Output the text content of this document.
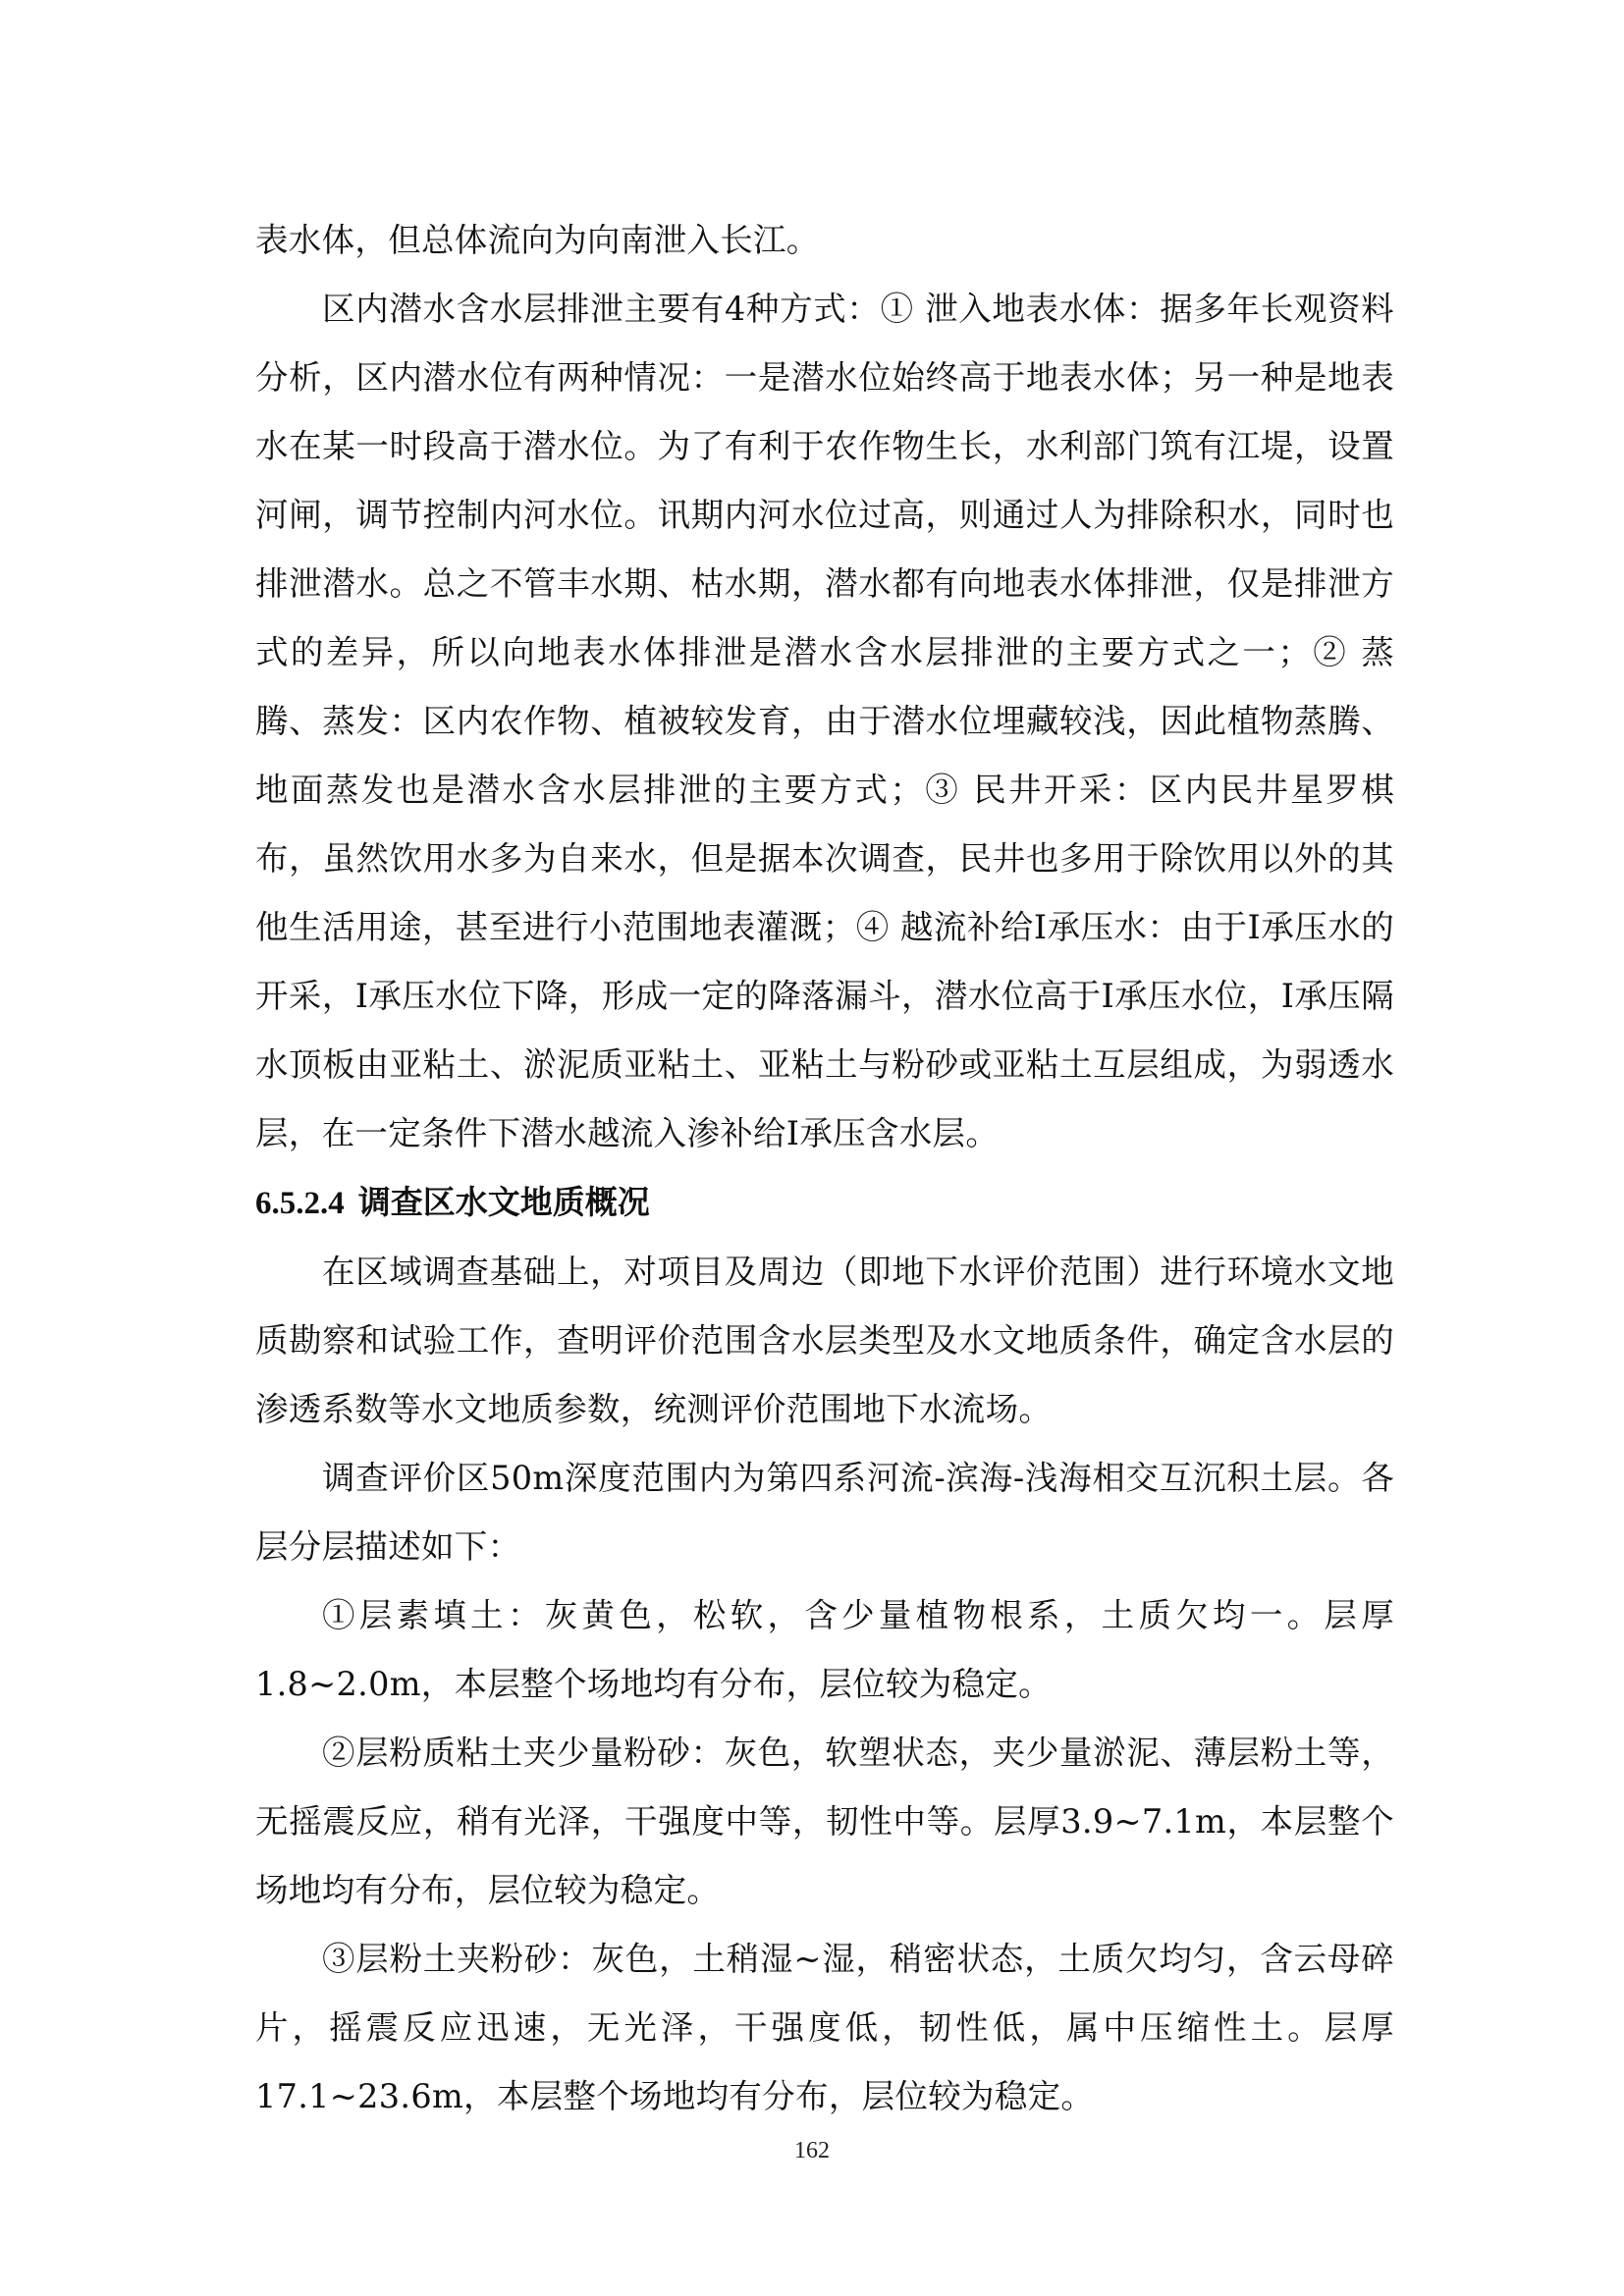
表水体，但总体流向为向南泄入长江。

区内潜水含水层排泄主要有4种方式：① 泄入地表水体：据多年长观资料分析，区内潜水位有两种情况：一是潜水位始终高于地表水体；另一种是地表水在某一时段高于潜水位。为了有利于农作物生长，水利部门筑有江堤，设置河闸，调节控制内河水位。讯期内河水位过高，则通过人为排除积水，同时也排泄潜水。总之不管丰水期、枯水期，潜水都有向地表水体排泄，仅是排泄方式的差异，所以向地表水体排泄是潜水含水层排泄的主要方式之一；② 蒸腾、蒸发：区内农作物、植被较发育，由于潜水位埋藏较浅，因此植物蒸腾、地面蒸发也是潜水含水层排泄的主要方式；③ 民井开采：区内民井星罗棋布，虽然饮用水多为自来水，但是据本次调查，民井也多用于除饮用以外的其他生活用途，甚至进行小范围地表灌溉；④ 越流补给Ⅰ承压水：由于Ⅰ承压水的开采，Ⅰ承压水位下降，形成一定的降落漏斗，潜水位高于Ⅰ承压水位，Ⅰ承压隔水顶板由亚粘土、淤泥质亚粘土、亚粘土与粉砂或亚粘土互层组成，为弱透水层，在一定条件下潜水越流入渗补给Ⅰ承压含水层。

6.5.2.4 调查区水文地质概况

在区域调查基础上，对项目及周边（即地下水评价范围）进行环境水文地质勘察和试验工作，查明评价范围含水层类型及水文地质条件，确定含水层的渗透系数等水文地质参数，统测评价范围地下水流场。

调查评价区50m深度范围内为第四系河流-滨海-浅海相交互沉积土层。各层分层描述如下：

①层素填土：灰黄色，松软，含少量植物根系，土质欠均一。层厚1.8~2.0m，本层整个场地均有分布，层位较为稳定。

②层粉质粘土夹少量粉砂：灰色，软塑状态，夹少量淤泥、薄层粉土等，无摇震反应，稍有光泽，干强度中等，韧性中等。层厚3.9~7.1m，本层整个场地均有分布，层位较为稳定。

③层粉土夹粉砂：灰色，土稍湿~湿，稍密状态，土质欠均匀，含云母碎片，摇震反应迅速，无光泽，干强度低，韧性低，属中压缩性土。层厚17.1~23.6m，本层整个场地均有分布，层位较为稳定。

162
